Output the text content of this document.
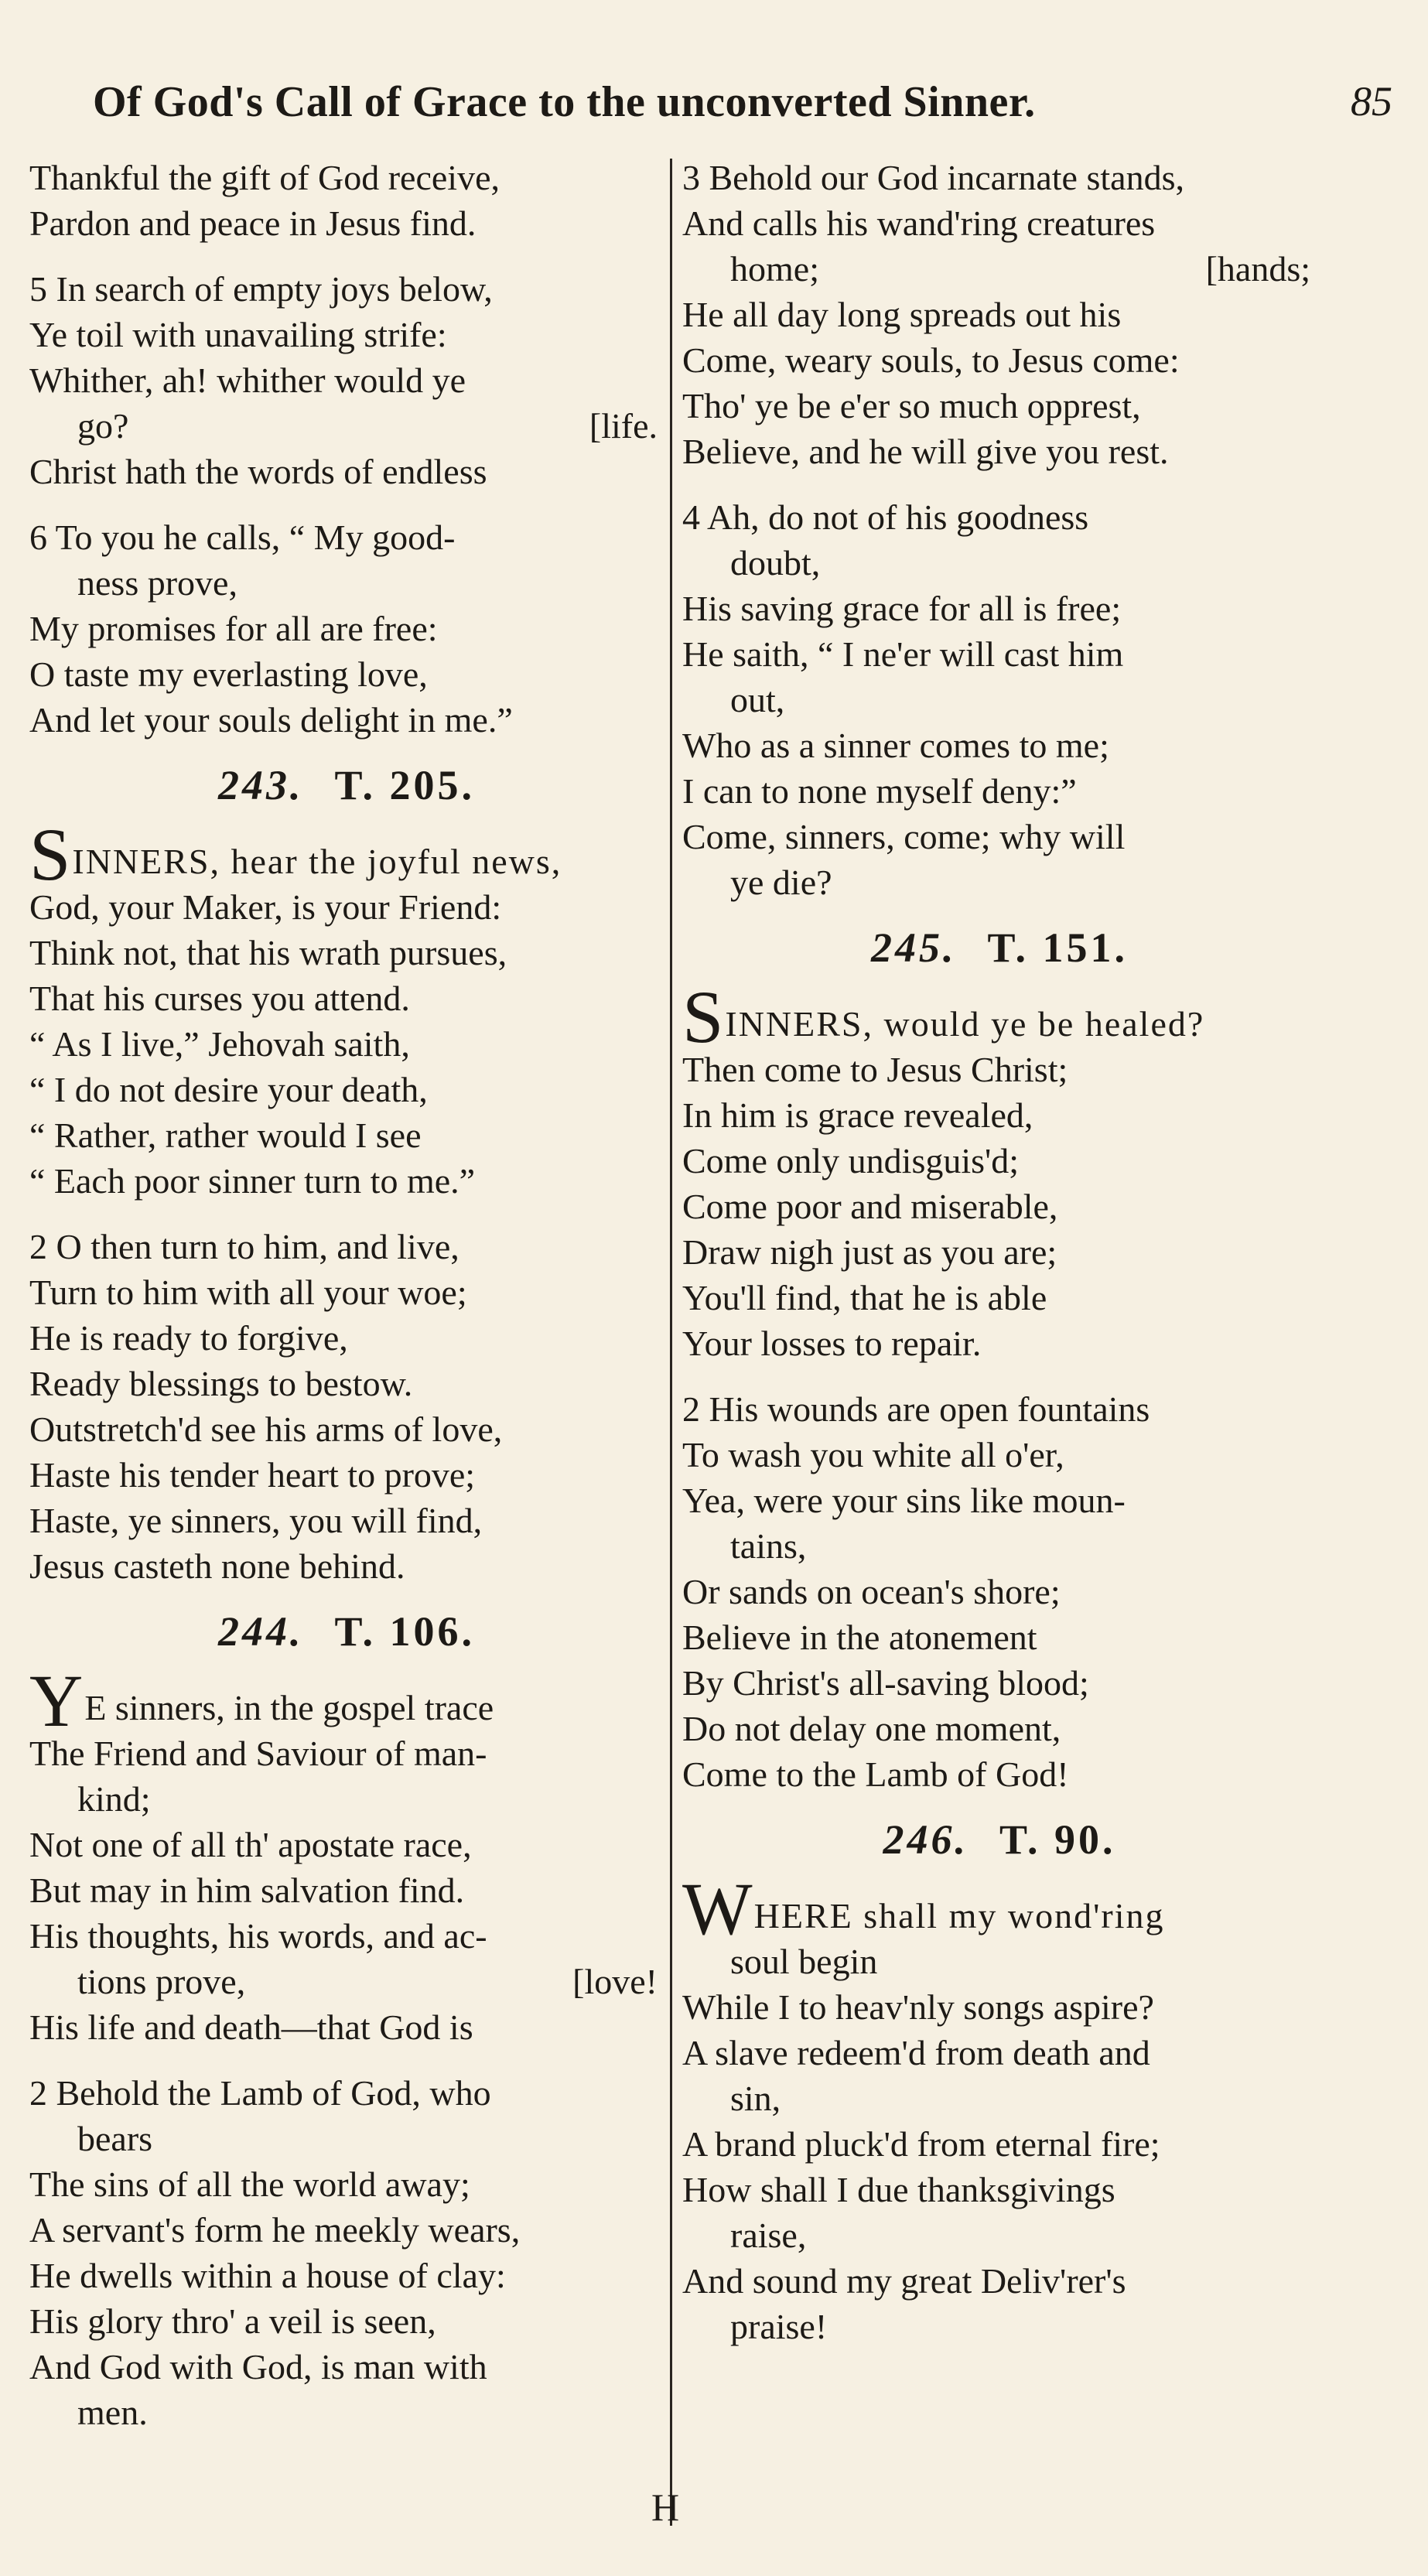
Of God's Call of Grace to the unconverted Sinner.	85
Thankful the gift of God receive,
Pardon and peace in Jesus find.
5 In search of empty joys below,
Ye toil with unavailing strife:
Whither, ah! whither would ye
go?	[life.
Christ hath the words of endless
6 To you he calls, “ My good-
ness prove,
My promises for all are free:
O taste my everlasting love,
And let your souls delight in me.”
243. T. 205.
SINNERS, hear the joyful news,
God, your Maker, is your Friend:
Think not, that his wrath pursues,
That his curses you attend.
“ As I live,” Jehovah saith,
“ I do not desire your death,
“ Rather, rather would I see
“ Each poor sinner turn to me.”
2 O then turn to him, and live,
Turn to him with all your woe;
He is ready to forgive,
Ready blessings to bestow.
Outstretch'd see his arms of love,
Haste his tender heart to prove;
Haste, ye sinners, you will find,
Jesus casteth none behind.
244. T. 106.
YE sinners, in the gospel trace
The Friend and Saviour of man-
kind;
Not one of all th' apostate race,
But may in him salvation find.
His thoughts, his words, and ac-
tions prove,	[love!
His life and death—that God is
2 Behold the Lamb of God, who
bears
The sins of all the world away;
A servant's form he meekly wears,
He dwells within a house of clay:
His glory thro' a veil is seen,
And God with God, is man with
men.
3 Behold our God incarnate stands,
And calls his wand'ring creatures
home;	[hands;
He all day long spreads out his
Come, weary souls, to Jesus come:
Tho' ye be e'er so much opprest,
Believe, and he will give you rest.
4 Ah, do not of his goodness
doubt,
His saving grace for all is free;
He saith, “ I ne'er will cast him
out,
Who as a sinner comes to me;
I can to none myself deny:”
Come, sinners, come; why will
ye die?
245. T. 151.
SINNERS, would ye be healed?
Then come to Jesus Christ;
In him is grace revealed,
Come only undisguis'd;
Come poor and miserable,
Draw nigh just as you are;
You'll find, that he is able
Your losses to repair.
2 His wounds are open fountains
To wash you white all o'er,
Yea, were your sins like moun-
tains,
Or sands on ocean's shore;
Believe in the atonement
By Christ's all-saving blood;
Do not delay one moment,
Come to the Lamb of God!
246. T. 90.
WHERE shall my wond'ring
soul begin
While I to heav'nly songs aspire?
A slave redeem'd from death and
sin,
A brand pluck'd from eternal fire;
How shall I due thanksgivings
raise,
And sound my great Deliv'rer's
praise!
H
